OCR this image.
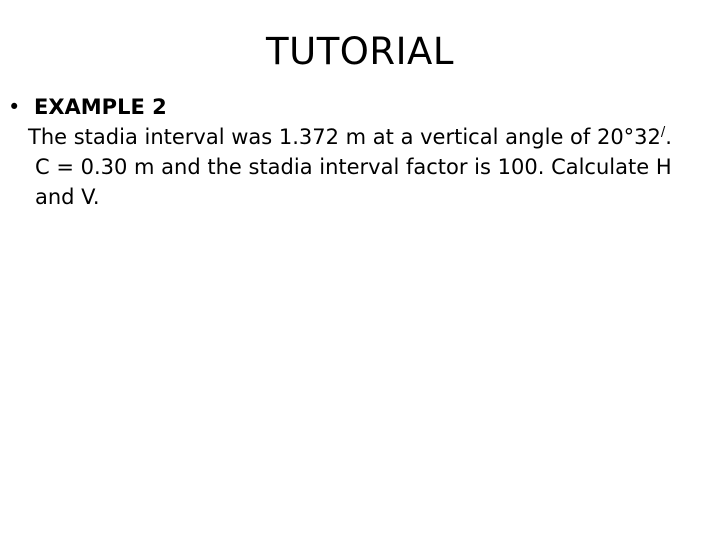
TUTORIAL
• EXAMPLE 2
The stadia interval was 1.372 m at a vertical angle of 20°32/.
C = 0.30 m and the stadia interval factor is 100. Calculate H
and V.
